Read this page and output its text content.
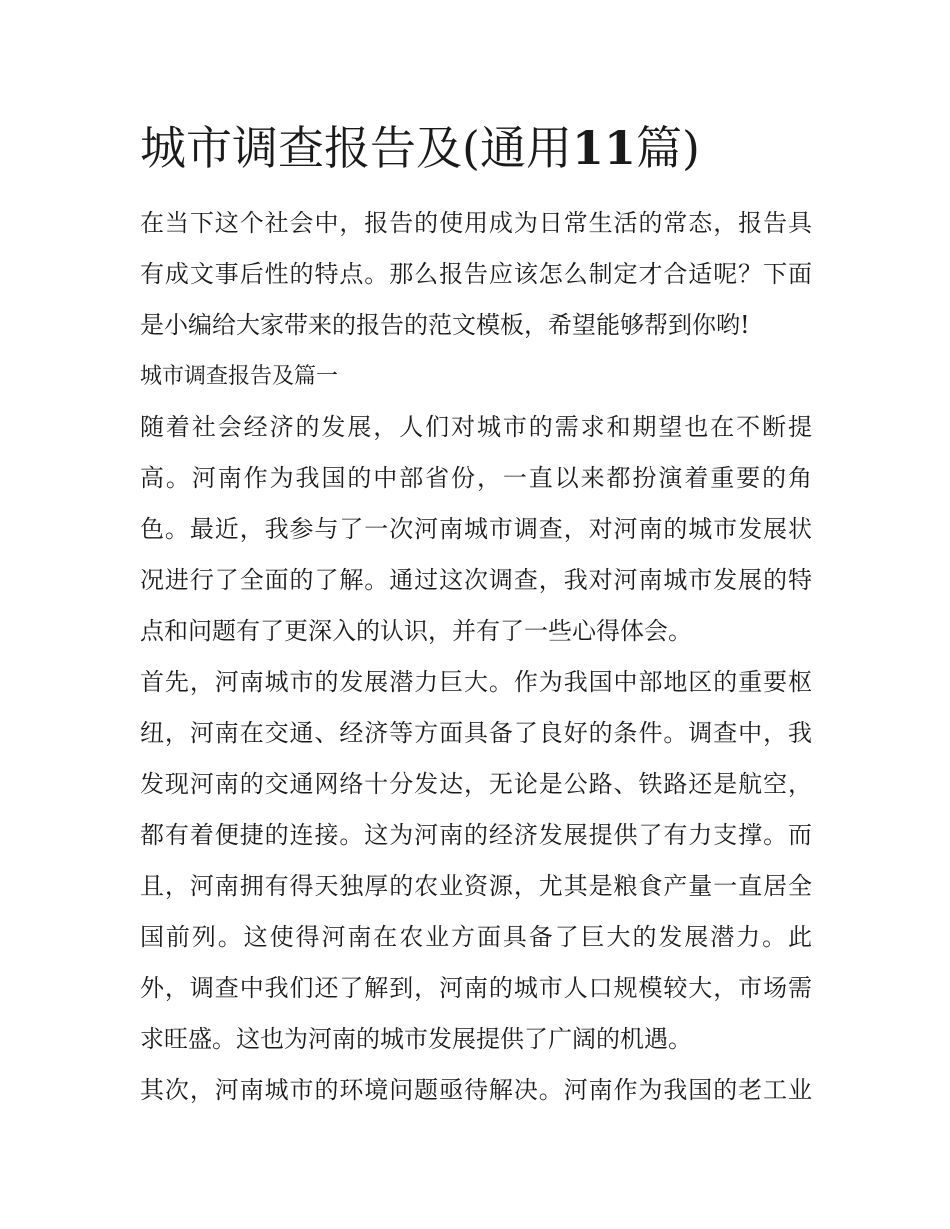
城市调查报告及(通用11篇)
在当下这个社会中，报告的使用成为日常生活的常态，报告具
有成文事后性的特点。那么报告应该怎么制定才合适呢？下面
是小编给大家带来的报告的范文模板，希望能够帮到你哟!
城市调查报告及篇一
随着社会经济的发展，人们对城市的需求和期望也在不断提
高。河南作为我国的中部省份，一直以来都扮演着重要的角
色。最近，我参与了一次河南城市调查，对河南的城市发展状
况进行了全面的了解。通过这次调查，我对河南城市发展的特
点和问题有了更深入的认识，并有了一些心得体会。
首先，河南城市的发展潜力巨大。作为我国中部地区的重要枢
纽，河南在交通、经济等方面具备了良好的条件。调查中，我
发现河南的交通网络十分发达，无论是公路、铁路还是航空，
都有着便捷的连接。这为河南的经济发展提供了有力支撑。而
且，河南拥有得天独厚的农业资源，尤其是粮食产量一直居全
国前列。这使得河南在农业方面具备了巨大的发展潜力。此
外，调查中我们还了解到，河南的城市人口规模较大，市场需
求旺盛。这也为河南的城市发展提供了广阔的机遇。
其次，河南城市的环境问题亟待解决。河南作为我国的老工业
